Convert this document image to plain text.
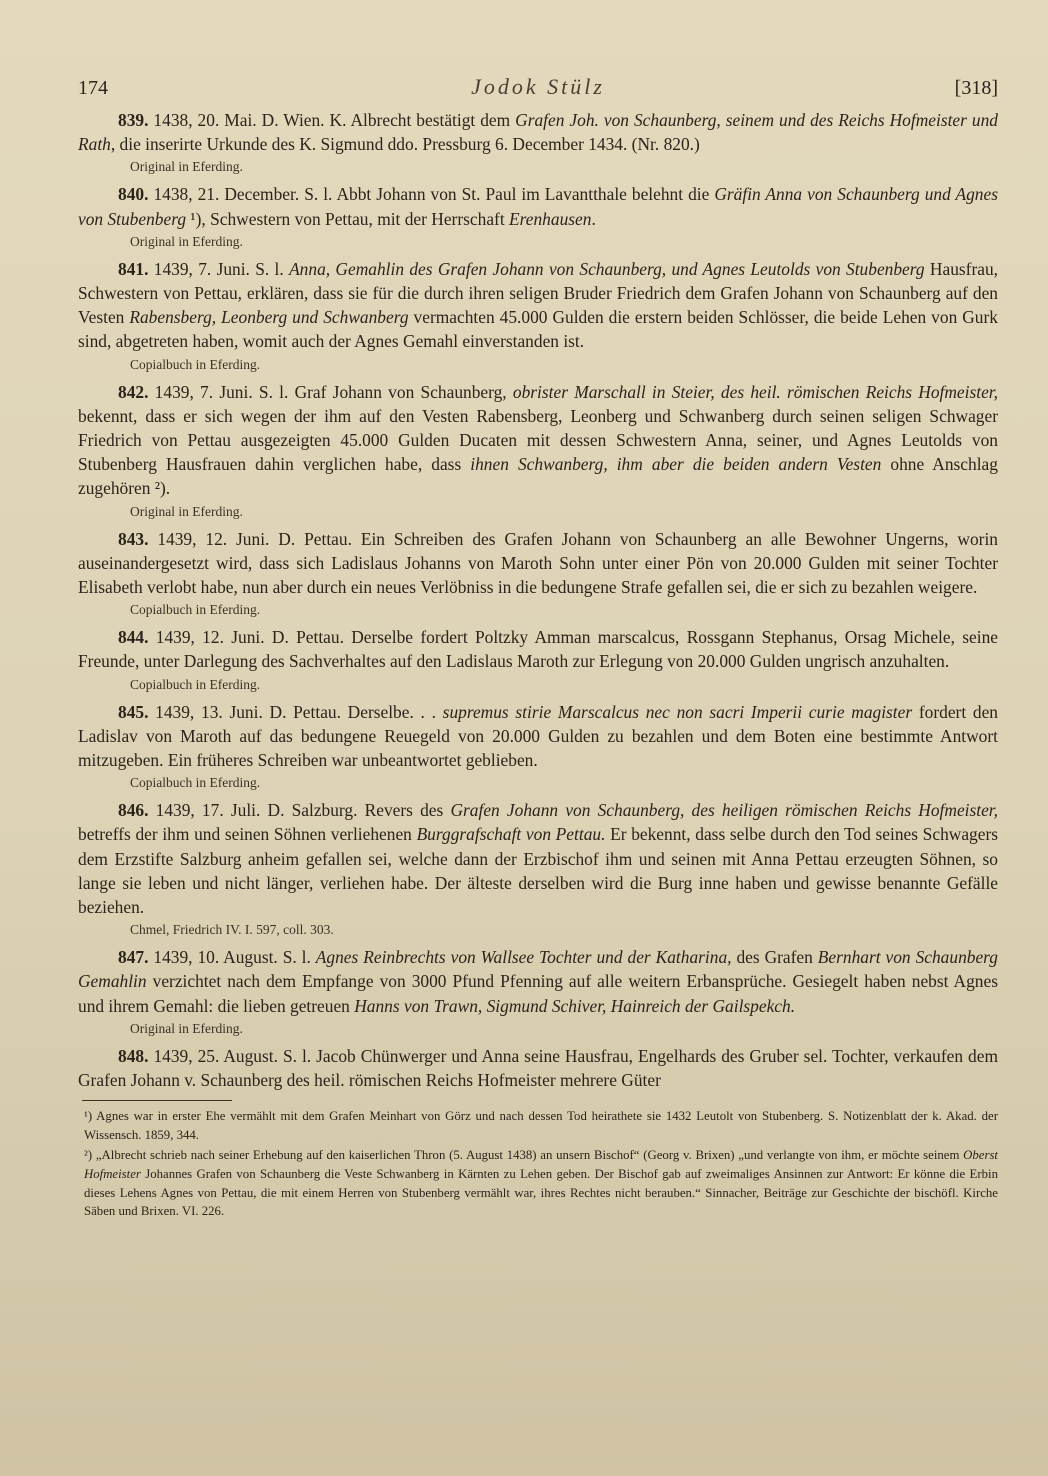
174	Jodok Stülz	[318]

839. 1438, 20. Mai. D. Wien. K. Albrecht bestätigt dem Grafen Joh. von Schaunberg, seinem und des Reichs Hofmeister und Rath, die inserirte Urkunde des K. Sigmund ddo. Pressburg 6. December 1434. (Nr. 820.)

Original in Eferding.

840. 1438, 21. December. S. l. Abbt Johann von St. Paul im Lavantthale belehnt die Gräfin Anna von Schaunberg und Agnes von Stubenberg ¹), Schwestern von Pettau, mit der Herrschaft Erenhausen.

Original in Eferding.

841. 1439, 7. Juni. S. l. Anna, Gemahlin des Grafen Johann von Schaunberg, und Agnes Leutolds von Stubenberg Hausfrau, Schwestern von Pettau, erklären, dass sie für die durch ihren seligen Bruder Friedrich dem Grafen Johann von Schaunberg auf den Vesten Rabensberg, Leonberg und Schwanberg vermachten 45.000 Gulden die erstern beiden Schlösser, die beide Lehen von Gurk sind, abgetreten haben, womit auch der Agnes Gemahl einverstanden ist.

Copialbuch in Eferding.

842. 1439, 7. Juni. S. l. Graf Johann von Schaunberg, obrister Marschall in Steier, des heil. römischen Reichs Hofmeister, bekennt, dass er sich wegen der ihm auf den Vesten Rabensberg, Leonberg und Schwanberg durch seinen seligen Schwager Friedrich von Pettau ausgezeigten 45.000 Gulden Ducaten mit dessen Schwestern Anna, seiner, und Agnes Leutolds von Stubenberg Hausfrauen dahin verglichen habe, dass ihnen Schwanberg, ihm aber die beiden andern Vesten ohne Anschlag zugehören ²).

Original in Eferding.

843. 1439, 12. Juni. D. Pettau. Ein Schreiben des Grafen Johann von Schaunberg an alle Bewohner Ungerns, worin auseinandergesetzt wird, dass sich Ladislaus Johanns von Maroth Sohn unter einer Pön von 20.000 Gulden mit seiner Tochter Elisabeth verlobt habe, nun aber durch ein neues Verlöbniss in die bedungene Strafe gefallen sei, die er sich zu bezahlen weigere.

Copialbuch in Eferding.

844. 1439, 12. Juni. D. Pettau. Derselbe fordert Poltzky Amman marscalcus, Rossgann Stephanus, Orsag Michele, seine Freunde, unter Darlegung des Sachverhaltes auf den Ladislaus Maroth zur Erlegung von 20.000 Gulden ungrisch anzuhalten.

Copialbuch in Eferding.

845. 1439, 13. Juni. D. Pettau. Derselbe. . . supremus stirie Marscalcus nec non sacri Imperii curie magister fordert den Ladislav von Maroth auf das bedungene Reuegeld von 20.000 Gulden zu bezahlen und dem Boten eine bestimmte Antwort mitzugeben. Ein früheres Schreiben war unbeantwortet geblieben.

Copialbuch in Eferding.

846. 1439, 17. Juli. D. Salzburg. Revers des Grafen Johann von Schaunberg, des heiligen römischen Reichs Hofmeister, betreffs der ihm und seinen Söhnen verliehenen Burggrafschaft von Pettau. Er bekennt, dass selbe durch den Tod seines Schwagers dem Erzstifte Salzburg anheim gefallen sei, welche dann der Erzbischof ihm und seinen mit Anna Pettau erzeugten Söhnen, so lange sie leben und nicht länger, verliehen habe. Der älteste derselben wird die Burg inne haben und gewisse benannte Gefälle beziehen.

Chmel, Friedrich IV. I. 597, coll. 303.

847. 1439, 10. August. S. l. Agnes Reinbrechts von Wallsee Tochter und der Katharina, des Grafen Bernhart von Schaunberg Gemahlin verzichtet nach dem Empfange von 3000 Pfund Pfenning auf alle weitern Erbansprüche. Gesiegelt haben nebst Agnes und ihrem Gemahl: die lieben getreuen Hanns von Trawn, Sigmund Schiver, Hainreich der Gailspekch.

Original in Eferding.

848. 1439, 25. August. S. l. Jacob Chünwerger und Anna seine Hausfrau, Engelhards des Gruber sel. Tochter, verkaufen dem Grafen Johann v. Schaunberg des heil. römischen Reichs Hofmeister mehrere Güter

¹) Agnes war in erster Ehe vermählt mit dem Grafen Meinhart von Görz und nach dessen Tod heirathete sie 1432 Leutolt von Stubenberg. S. Notizenblatt der k. Akad. der Wissensch. 1859, 344.

²) „Albrecht schrieb nach seiner Erhebung auf den kaiserlichen Thron (5. August 1438) an unsern Bischof“ (Georg v. Brixen) „und verlangte von ihm, er möchte seinem Oberst Hofmeister Johannes Grafen von Schaunberg die Veste Schwanberg in Kärnten zu Lehen geben. Der Bischof gab auf zweimaliges Ansinnen zur Antwort: Er könne die Erbin dieses Lehens Agnes von Pettau, die mit einem Herren von Stubenberg vermählt war, ihres Rechtes nicht berauben.“ Sinnacher, Beiträge zur Geschichte der bischöfl. Kirche Säben und Brixen. VI. 226.
